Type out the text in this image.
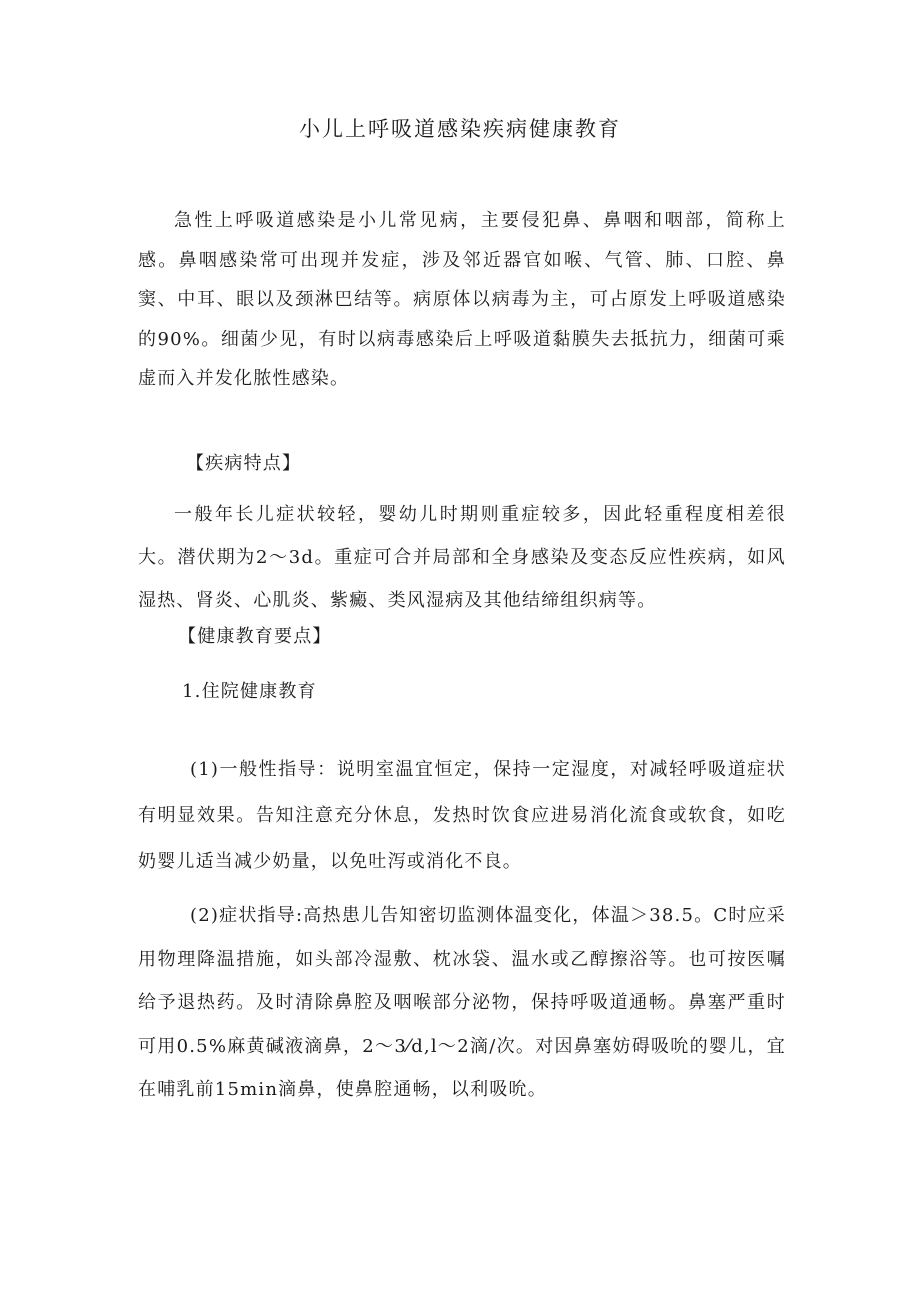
小儿上呼吸道感染疾病健康教育

急性上呼吸道感染是小儿常见病，主要侵犯鼻、鼻咽和咽部，简称上感。鼻咽感染常可出现并发症，涉及邻近器官如喉、气管、肺、口腔、鼻窦、中耳、眼以及颈淋巴结等。病原体以病毒为主，可占原发上呼吸道感染的90%。细菌少见，有时以病毒感染后上呼吸道黏膜失去抵抗力，细菌可乘虚而入并发化脓性感染。

【疾病特点】

一般年长儿症状较轻，婴幼儿时期则重症较多，因此轻重程度相差很大。潜伏期为2～3d。重症可合并局部和全身感染及变态反应性疾病，如风湿热、肾炎、心肌炎、紫癜、类风湿病及其他结缔组织病等。

【健康教育要点】

1.住院健康教育

(1)一般性指导：说明室温宜恒定，保持一定湿度，对减轻呼吸道症状有明显效果。告知注意充分休息，发热时饮食应进易消化流食或软食，如吃奶婴儿适当减少奶量，以免吐泻或消化不良。

(2)症状指导:高热患儿告知密切监测体温变化，体温＞38.5。C时应采用物理降温措施，如头部冷湿敷、枕冰袋、温水或乙醇擦浴等。也可按医嘱给予退热药。及时清除鼻腔及咽喉部分泌物，保持呼吸道通畅。鼻塞严重时可用0.5%麻黄碱液滴鼻，2～3⁄d,l～2滴/次。对因鼻塞妨碍吸吮的婴儿，宜在哺乳前15min滴鼻，使鼻腔通畅，以利吸吮。
